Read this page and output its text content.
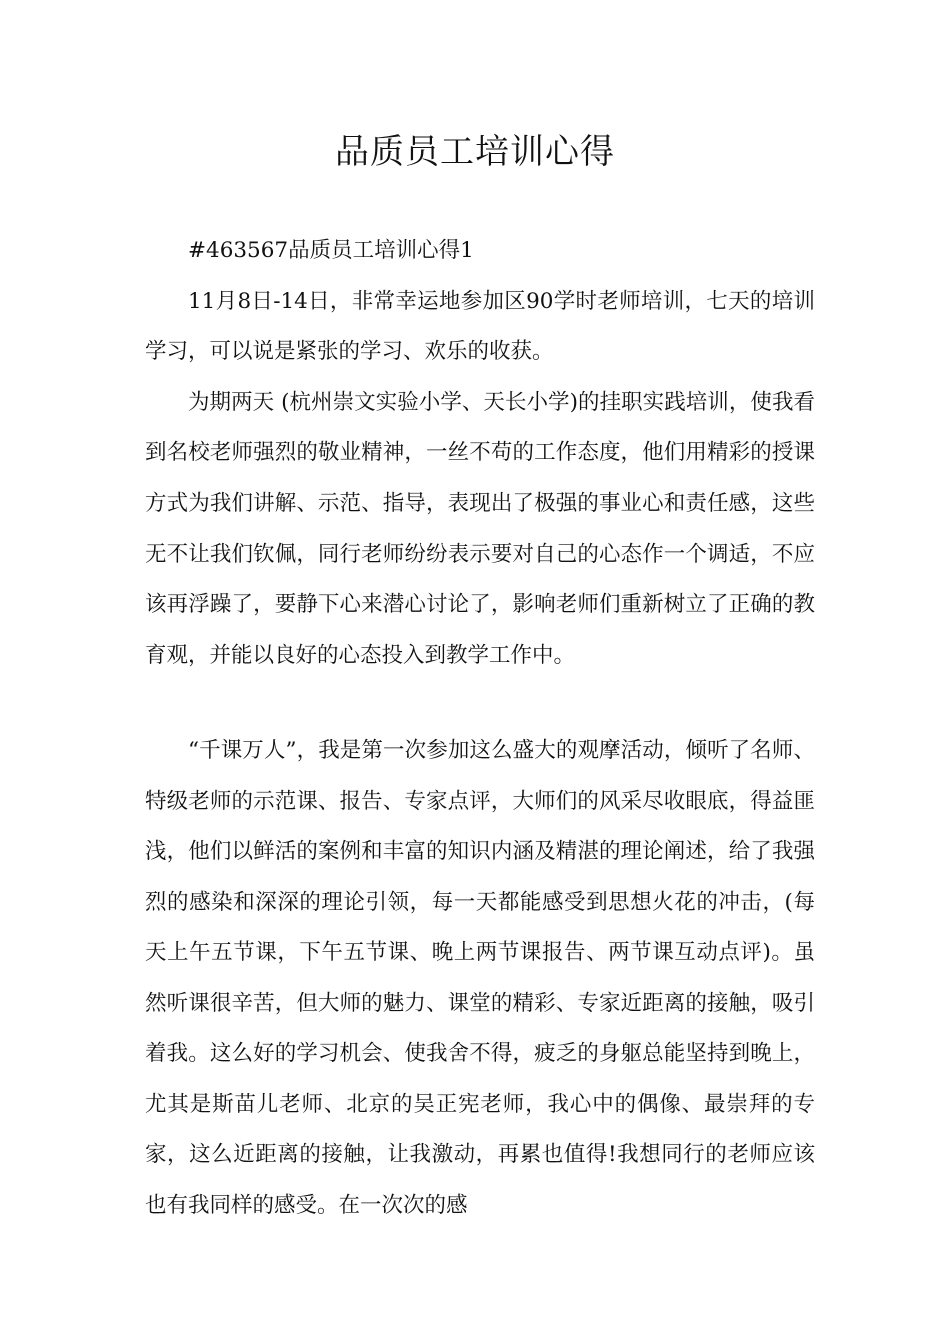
品质员工培训心得

#463567品质员工培训心得1

11月8日-14日，非常幸运地参加区90学时老师培训，七天的培训学习，可以说是紧张的学习、欢乐的收获。

为期两天 (杭州崇文实验小学、天长小学)的挂职实践培训，使我看到名校老师强烈的敬业精神，一丝不苟的工作态度，他们用精彩的授课方式为我们讲解、示范、指导，表现出了极强的事业心和责任感，这些无不让我们钦佩，同行老师纷纷表示要对自己的心态作一个调适，不应该再浮躁了，要静下心来潜心讨论了，影响老师们重新树立了正确的教育观，并能以良好的心态投入到教学工作中。

“千课万人”，我是第一次参加这么盛大的观摩活动，倾听了名师、特级老师的示范课、报告、专家点评，大师们的风采尽收眼底，得益匪浅，他们以鲜活的案例和丰富的知识内涵及精湛的理论阐述，给了我强烈的感染和深深的理论引领，每一天都能感受到思想火花的冲击，(每天上午五节课，下午五节课、晚上两节课报告、两节课互动点评)。虽然听课很辛苦，但大师的魅力、课堂的精彩、专家近距离的接触，吸引着我。这么好的学习机会、使我舍不得，疲乏的身躯总能坚持到晚上，尤其是斯苗儿老师、北京的吴正宪老师，我心中的偶像、最崇拜的专家，这么近距离的接触，让我激动，再累也值得!我想同行的老师应该也有我同样的感受。在一次次的感
